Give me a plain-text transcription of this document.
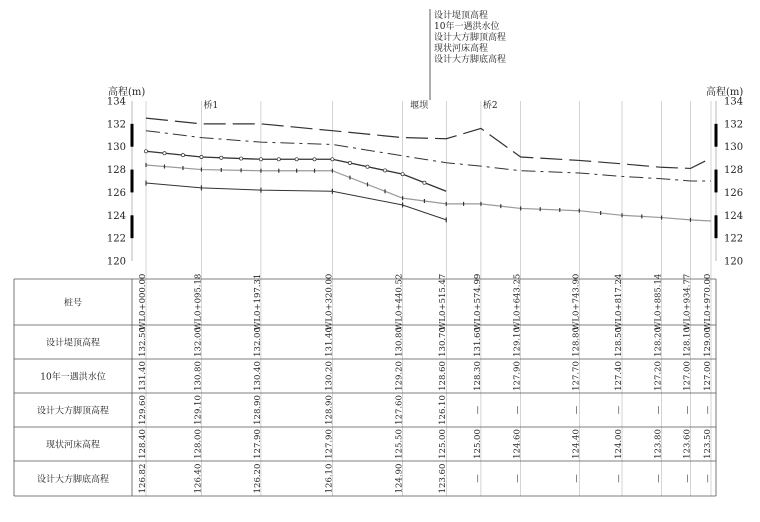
高程(m)	高程(m)
设计堤顶高程
10年一遇洪水位
设计大方脚顶高程
现状河床高程
设计大方脚底高程
120	120
122	122
124	124
126	126
128	128
130	130
132	132
134	134
桥1	堰坝	桥2
桩号	WL0+000.00	WL0+095.18	WL0+197.31	WL0+320.00	WL0+440.52	WL0+515.47	WL0+574.99	WL0+643.25	WL0+743.90	WL0+817.24	WL0+885.14 WL0+934.77 WL0+970.00
设计堤顶高程	132.50	132.00	132.00	131.40	130.80	130.70	131.60	129.10	128.80	128.50	128.20 128.10 129.00
10年一遇洪水位	131.40	130.80	130.40	130.20	129.20	128.60	128.30	127.90	127.70	127.40	127.20 127.00 127.00
设计大方脚顶高程	129.60	129.10	128.90	128.90	127.60	126.10	—	—	—	—	— — —
现状河床高程	128.40	128.00	127.90	127.90	125.50	125.00	125.00	124.60	124.40	124.00	123.80 123.60 123.50
设计大方脚底高程	126.82	126.40	126.20	126.10	124.90	123.60	—	—	—	—	— — —
